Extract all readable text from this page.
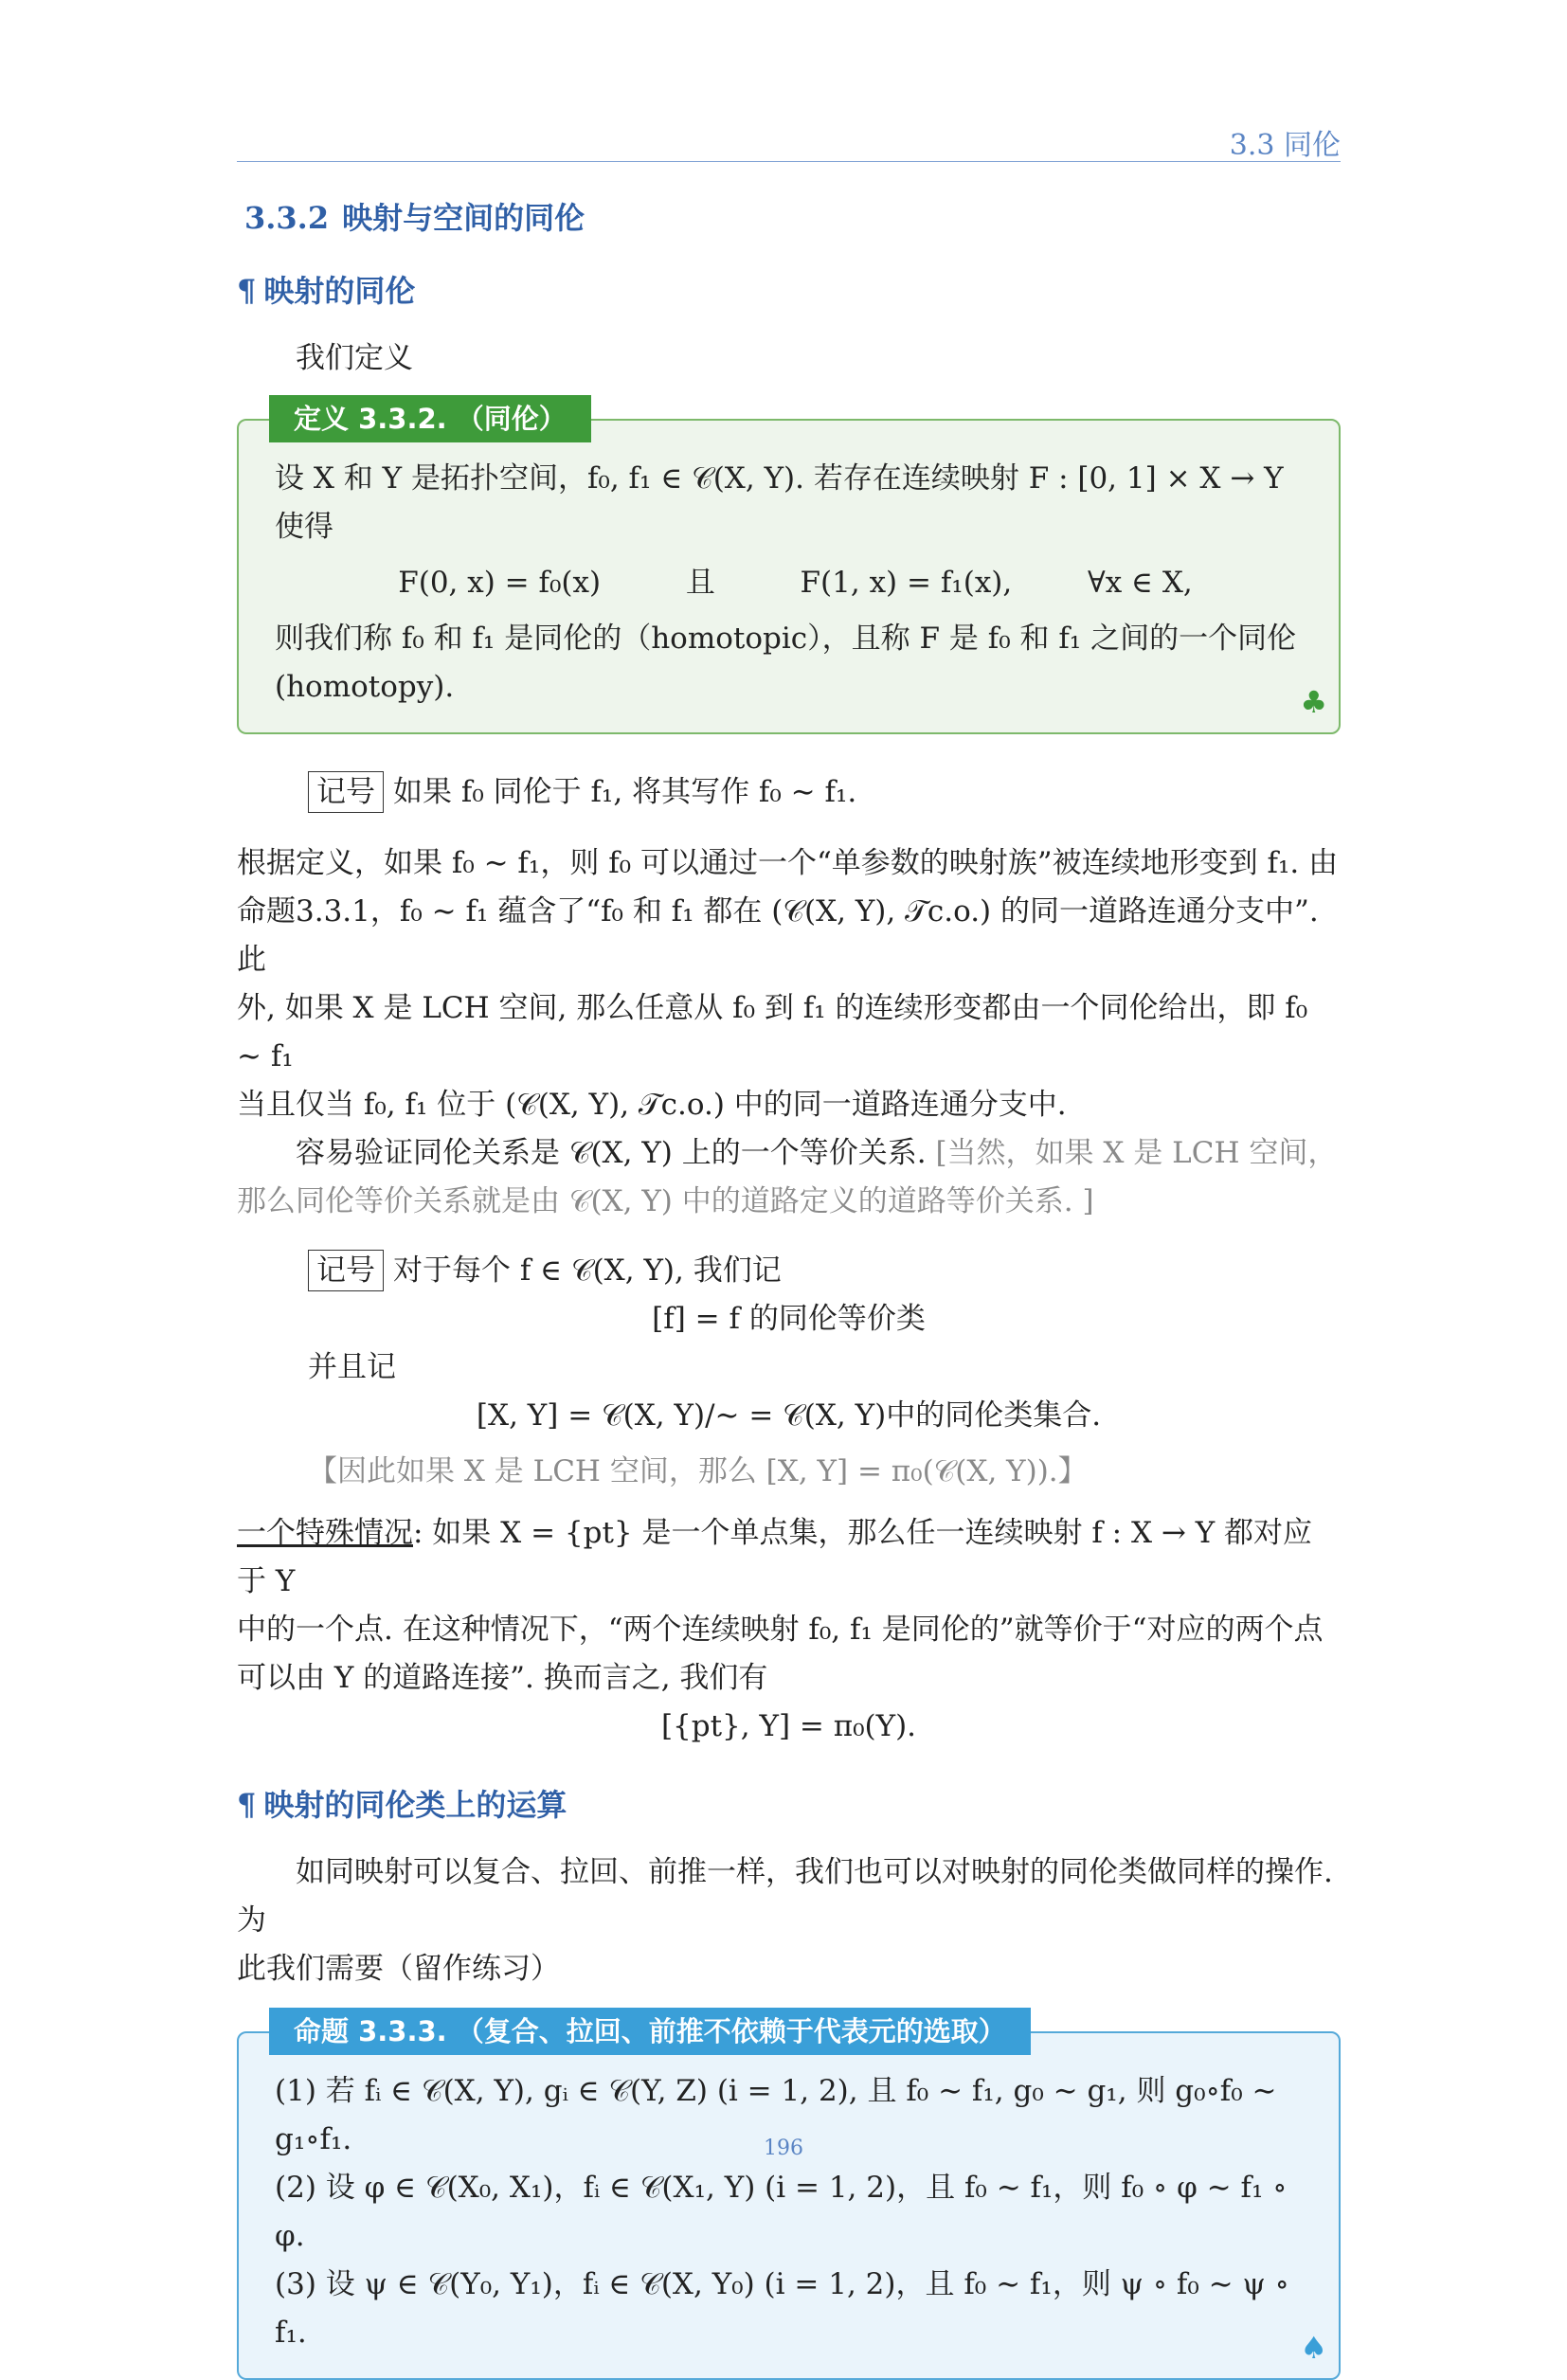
3.3 同伦
3.3.2 映射与空间的同伦
¶ 映射的同伦

我们定义

定义 3.3.2. （同伦）

设 X 和 Y 是拓扑空间，f₀, f₁ ∈ 𝒞(X, Y). 若存在连续映射 F : [0, 1] × X → Y 使得

F(0, x) = f₀(x)	且	F(1, x) = f₁(x),	∀x ∈ X,

则我们称 f₀ 和 f₁ 是同伦的（homotopic），且称 F 是 f₀ 和 f₁ 之间的一个同伦

(homotopy).	♣

记号 如果 f₀ 同伦于 f₁, 将其写作 f₀ ∼ f₁.

根据定义，如果 f₀ ∼ f₁，则 f₀ 可以通过一个“单参数的映射族”被连续地形变到 f₁. 由

命题3.3.1，f₀ ∼ f₁ 蕴含了“f₀ 和 f₁ 都在 (𝒞(X, Y), 𝒯c.o.) 的同一道路连通分支中”. 此

外, 如果 X 是 LCH 空间, 那么任意从 f₀ 到 f₁ 的连续形变都由一个同伦给出，即 f₀ ∼ f₁

当且仅当 f₀, f₁ 位于 (𝒞(X, Y), 𝒯c.o.) 中的同一道路连通分支中.

容易验证同伦关系是 𝒞(X, Y) 上的一个等价关系. [当然，如果 X 是 LCH 空间，那么同伦等价关系就是由 𝒞(X, Y) 中的道路定义的道路等价关系. ]

记号 对于每个 f ∈ 𝒞(X, Y), 我们记

[f] = f 的同伦等价类

并且记

[X, Y] = 𝒞(X, Y)/∼ = 𝒞(X, Y)中的同伦类集合.

【因此如果 X 是 LCH 空间，那么 [X, Y] = π₀(𝒞(X, Y)).】

一个特殊情况: 如果 X = {pt} 是一个单点集，那么任一连续映射 f : X → Y 都对应于 Y

中的一个点. 在这种情况下，“两个连续映射 f₀, f₁ 是同伦的”就等价于“对应的两个点

可以由 Y 的道路连接”. 换而言之, 我们有

[{pt}, Y] = π₀(Y).

¶ 映射的同伦类上的运算

如同映射可以复合、拉回、前推一样，我们也可以对映射的同伦类做同样的操作. 为

此我们需要（留作练习）

命题 3.3.3. （复合、拉回、前推不依赖于代表元的选取）

(1) 若 fᵢ ∈ 𝒞(X, Y), gᵢ ∈ 𝒞(Y, Z) (i = 1, 2), 且 f₀ ∼ f₁, g₀ ∼ g₁, 则 g₀∘f₀ ∼ g₁∘f₁.

(2) 设 φ ∈ 𝒞(X₀, X₁)，fᵢ ∈ 𝒞(X₁, Y) (i = 1, 2)，且 f₀ ∼ f₁，则 f₀ ∘ φ ∼ f₁ ∘ φ.

(3) 设 ψ ∈ 𝒞(Y₀, Y₁)，fᵢ ∈ 𝒞(X, Y₀) (i = 1, 2)，且 f₀ ∼ f₁，则 ψ ∘ f₀ ∼ ψ ∘ f₁.	♠
196
